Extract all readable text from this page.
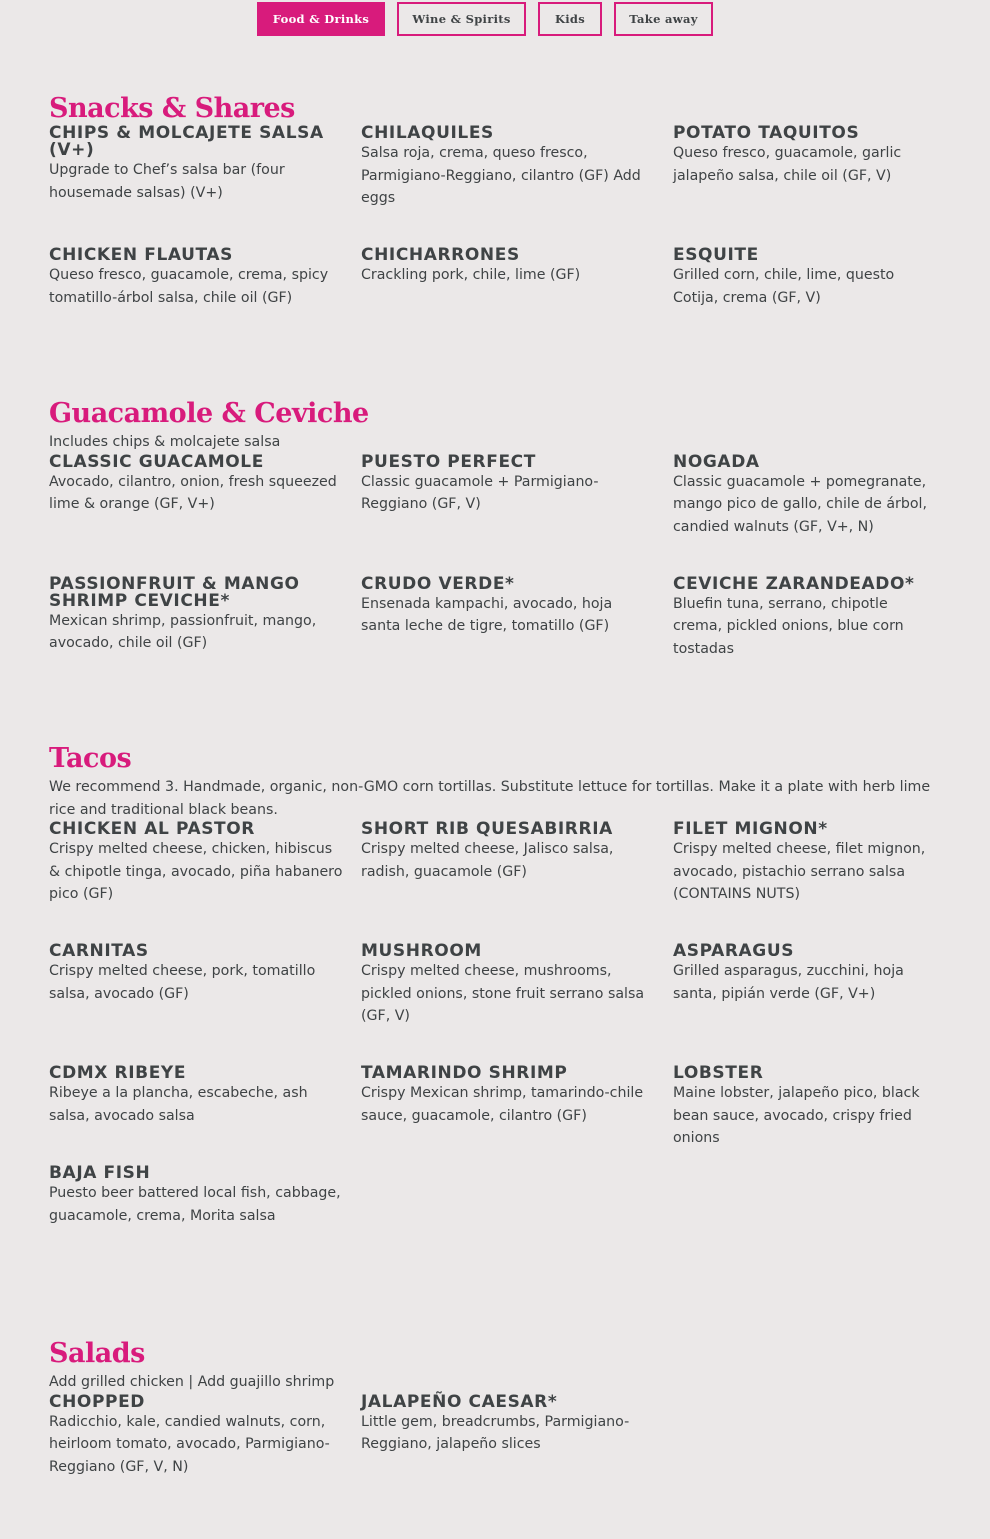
Food & Drinks	Wine & Spirits	Kids	Take away
Snacks & Shares
CHIPS & MOLCAJETE SALSA (V+)
Upgrade to Chef’s salsa bar (four housemade salsas) (V+)
CHILAQUILES
Salsa roja, crema, queso fresco, Parmigiano-Reggiano, cilantro (GF) Add eggs
POTATO TAQUITOS
Queso fresco, guacamole, garlic jalapeño salsa, chile oil (GF, V)
CHICKEN FLAUTAS
Queso fresco, guacamole, crema, spicy tomatillo-árbol salsa, chile oil (GF)
CHICHARRONES
Crackling pork, chile, lime (GF)
ESQUITE
Grilled corn, chile, lime, questo Cotija, crema (GF, V)
Guacamole & Ceviche

Includes chips & molcajete salsa

CLASSIC GUACAMOLE
Avocado, cilantro, onion, fresh squeezed lime & orange (GF, V+)
PUESTO PERFECT
Classic guacamole + Parmigiano-Reggiano (GF, V)
NOGADA
Classic guacamole + pomegranate, mango pico de gallo, chile de árbol, candied walnuts (GF, V+, N)
PASSIONFRUIT & MANGO SHRIMP CEVICHE*
Mexican shrimp, passionfruit, mango, avocado, chile oil (GF)
CRUDO VERDE*
Ensenada kampachi, avocado, hoja santa leche de tigre, tomatillo (GF)
CEVICHE ZARANDEADO*
Bluefin tuna, serrano, chipotle crema, pickled onions, blue corn tostadas
Tacos

We recommend 3. Handmade, organic, non-GMO corn tortillas. Substitute lettuce for tortillas. Make it a plate with herb lime rice and traditional black beans.

CHICKEN AL PASTOR
Crispy melted cheese, chicken, hibiscus & chipotle tinga, avocado, piña habanero pico (GF)
SHORT RIB QUESABIRRIA
Crispy melted cheese, Jalisco salsa, radish, guacamole (GF)
FILET MIGNON*
Crispy melted cheese, filet mignon, avocado, pistachio serrano salsa (CONTAINS NUTS)
CARNITAS
Crispy melted cheese, pork, tomatillo salsa, avocado (GF)
MUSHROOM
Crispy melted cheese, mushrooms, pickled onions, stone fruit serrano salsa (GF, V)
ASPARAGUS
Grilled asparagus, zucchini, hoja santa, pipián verde (GF, V+)
CDMX RIBEYE
Ribeye a la plancha, escabeche, ash salsa, avocado salsa
TAMARINDO SHRIMP
Crispy Mexican shrimp, tamarindo-chile sauce, guacamole, cilantro (GF)
LOBSTER
Maine lobster, jalapeño pico, black bean sauce, avocado, crispy fried onions
BAJA FISH
Puesto beer battered local fish, cabbage, guacamole, crema, Morita salsa
Salads

Add grilled chicken | Add guajillo shrimp

CHOPPED
Radicchio, kale, candied walnuts, corn, heirloom tomato, avocado, Parmigiano-Reggiano (GF, V, N)
JALAPEÑO CAESAR*
Little gem, breadcrumbs, Parmigiano-Reggiano, jalapeño slices
